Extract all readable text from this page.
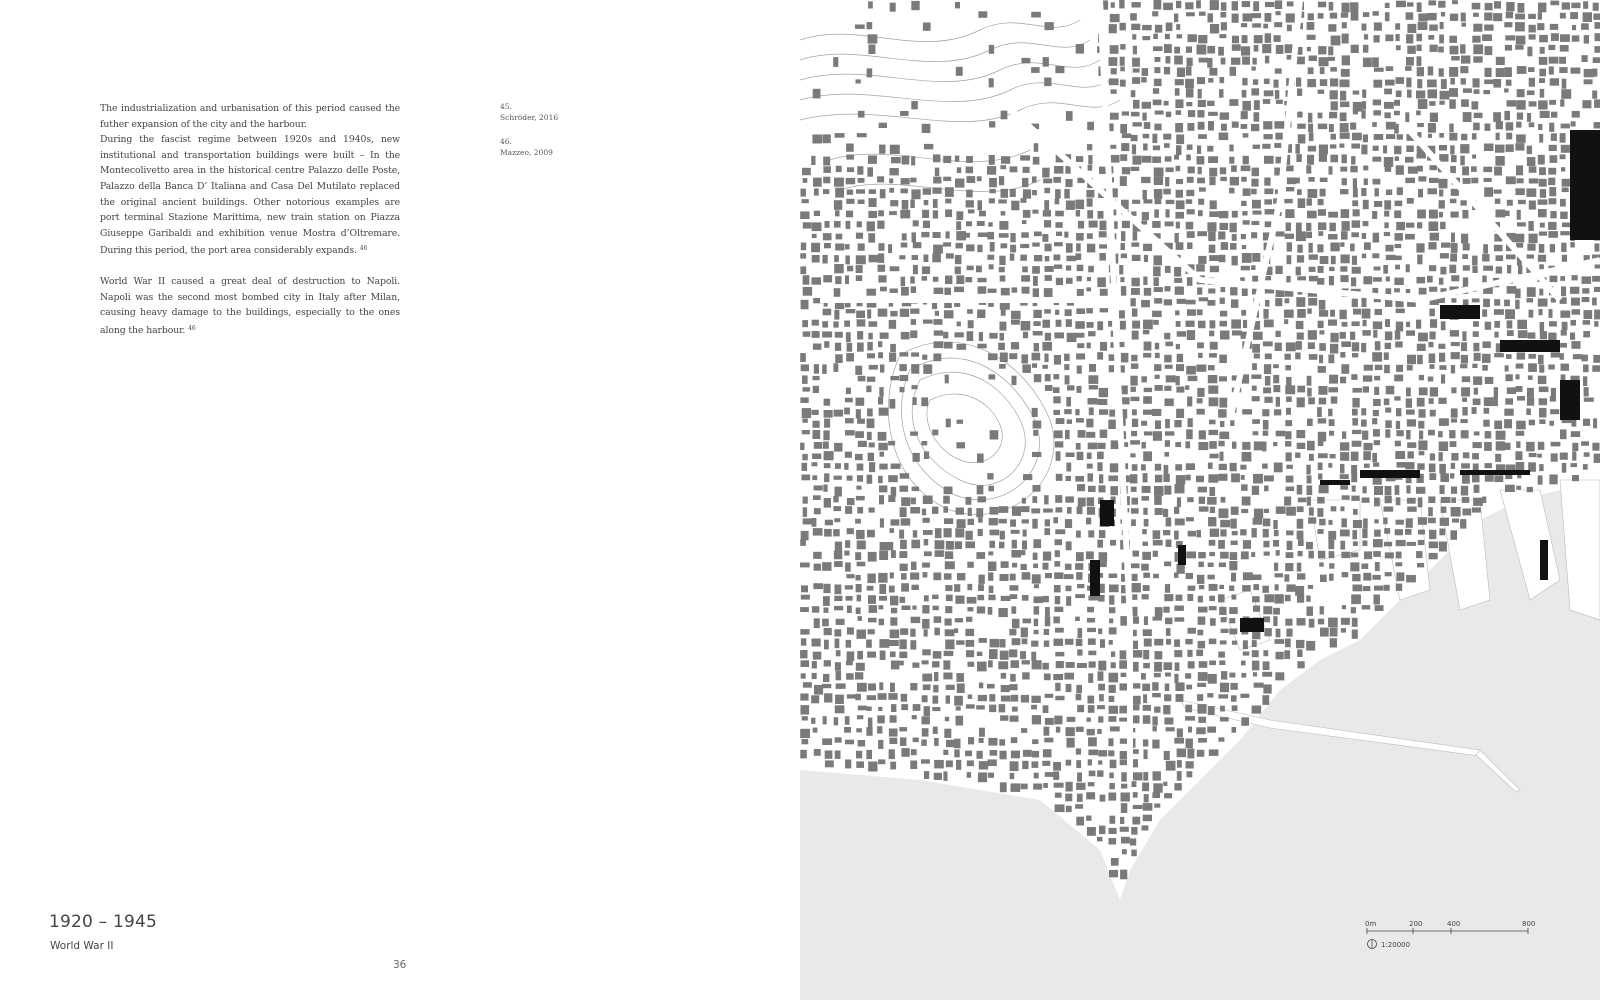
The industrialization and urbanisation of this period caused the futher expansion of the city and the harbour.

During the fascist regime between 1920s and 1940s, new institutional and transportation buildings were built – In the Montecolivetto area in the historical centre Palazzo delle Poste, Palazzo della Banca D’ Italiana and Casa Del Mutilato replaced the original ancient buildings. Other notorious examples are port terminal Stazione Marittima, new train station on Piazza Giuseppe Garibaldi and exhibition venue Mostra d’Oltremare. During this period, the port area considerably expands. $^{46}$

World War II caused a great deal of destruction to Napoli. Napoli was the second most bombed city in Italy after Milan, causing heavy damage to the buildings, especially to the ones along the harbour. $^{46}$

45.
Schröder, 2016
46.
Mazzeo, 2009
1920 – 1945
World War II
36
0m	200	400	800
1:20000
